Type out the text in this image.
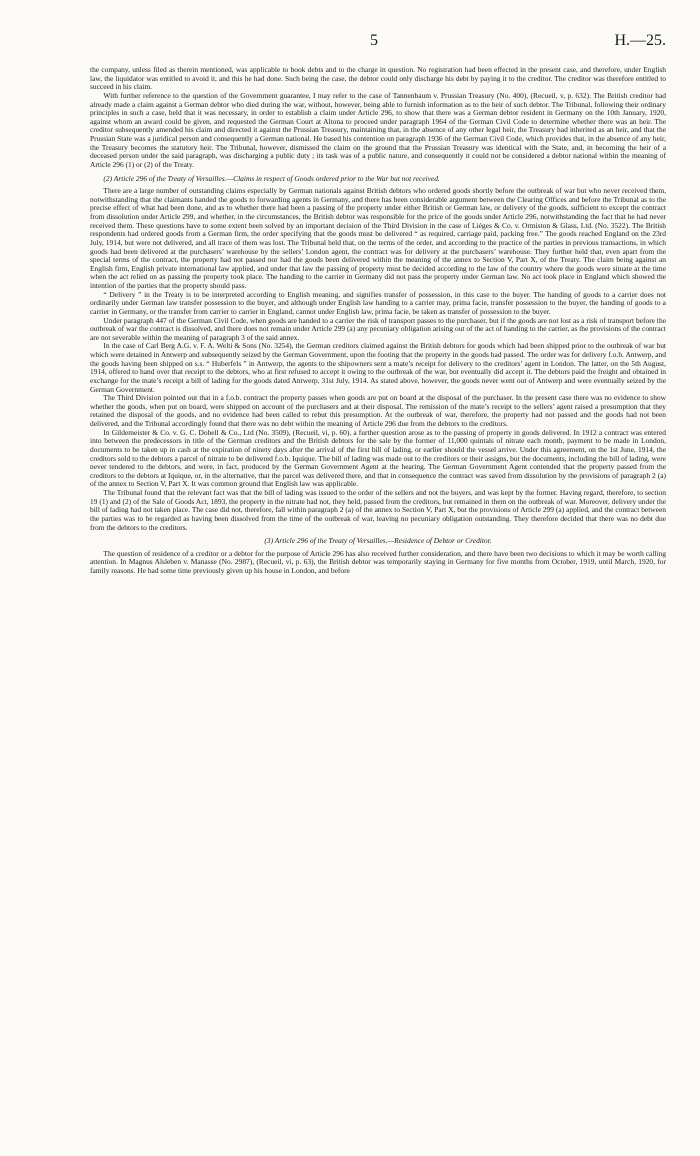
5	H.—25.

the company, unless filed as therein mentioned, was applicable to book debts and to the charge in question. No registration had been effected in the present case, and therefore, under English law, the liquidator was entitled to avoid it, and this he had done. Such being the case, the debtor could only discharge his debt by paying it to the creditor. The creditor was therefore entitled to succeed in his claim.

With further reference to the question of the Government guarantee, I may refer to the case of Tannenbaum v. Prussian Treasury (No. 400), (Recueil, v, p. 632). The British creditor had already made a claim against a German debtor who died during the war, without, however, being able to furnish information as to the heir of such debtor. The Tribunal, following their ordinary principles in such a case, held that it was necessary, in order to establish a claim under Article 296, to show that there was a German debtor resident in Germany on the 10th January, 1920, against whom an award could be given, and requested the German Court at Altona to proceed under paragraph 1964 of the German Civil Code to determine whether there was an heir. The creditor subsequently amended his claim and directed it against the Prussian Treasury, maintaining that, in the absence of any other legal heir, the Treasury had inherited as an heir, and that the Prussian State was a juridical person and consequently a German national. He based his contention on paragraph 1936 of the German Civil Code, which provides that, in the absence of any heir, the Treasury becomes the statutory heir. The Tribunal, however, dismissed the claim on the ground that the Prussian Treasury was identical with the State, and, in becoming the heir of a deceased person under the said paragraph, was discharging a public duty ; its task was of a public nature, and consequently it could not be considered a debtor national within the meaning of Article 296 (1) or (2) of the Treaty.

(2) Article 296 of the Treaty of Versailles.—Claims in respect of Goods ordered prior to the War but not received.

There are a large number of outstanding claims especially by German nationals against British debtors who ordered goods shortly before the outbreak of war but who never received them, notwithstanding that the claimants handed the goods to forwarding agents in Germany, and there has been considerable argument between the Clearing Offices and before the Tribunal as to the precise effect of what had been done, and as to whether there had been a passing of the property under either British or German law, or delivery of the goods, sufficient to except the contract from dissolution under Article 299, and whether, in the circumstances, the British debtor was responsible for the price of the goods under Article 296, notwithstanding the fact that he had never received them. These questions have to some extent been solved by an important decision of the Third Division in the case of Liéges & Co. v. Ormiston & Glass, Ltd. (No. 3522). The British respondents had ordered goods from a German firm, the order specifying that the goods must be delivered “ as required, carriage paid, packing free.” The goods reached England on the 23rd July, 1914, but were not delivered, and all trace of them was lost. The Tribunal held that, on the terms of the order, and according to the practice of the parties in previous transactions, in which goods had been delivered at the purchasers’ warehouse by the sellers’ London agent, the contract was for delivery at the purchasers’ warehouse. They further held that, even apart from the special terms of the contract, the property had not passed nor had the goods been delivered within the meaning of the annex to Section V, Part X, of the Treaty. The claim being against an English firm, English private international law applied, and under that law the passing of property must be decided according to the law of the country where the goods were situate at the time when the act relied on as passing the property took place. The handing to the carrier in Germany did not pass the property under German law. No act took place in England which showed the intention of the parties that the property should pass.

“ Delivery ” in the Treaty is to be interpreted according to English meaning, and signifies transfer of possession, in this case to the buyer. The handing of goods to a carrier does not ordinarily under German law transfer possession to the buyer, and although under English law handing to a carrier may, prima facie, transfer possession to the buyer, the handing of goods to a carrier in Germany, or the transfer from carrier to carrier in England, cannot under English law, prima facie, be taken as transfer of possession to the buyer.

Under paragraph 447 of the German Civil Code, when goods are handed to a carrier the risk of transport passes to the purchaser, but if the goods are not lost as a risk of transport before the outbreak of war the contract is dissolved, and there does not remain under Article 299 (a) any pecuniary obligation arising out of the act of handing to the carrier, as the provisions of the contract are not severable within the meaning of paragraph 3 of the said annex.

In the case of Carl Berg A.G. v. F. A. Welti & Sons (No. 3254), the German creditors claimed against the British debtors for goods which had been shipped prior to the outbreak of war but which were detained in Antwerp and subsequently seized by the German Government, upon the footing that the property in the goods had passed. The order was for delivery f.o.b. Antwerp, and the goods having been shipped on s.s. “ Huberfels ” in Antwerp, the agents to the shipowners sent a mate’s receipt for delivery to the creditors’ agent in London. The latter, on the 5th August, 1914, offered to hand over that receipt to the debtors, who at first refused to accept it owing to the outbreak of the war, but eventually did accept it. The debtors paid the freight and obtained in exchange for the mate’s receipt a bill of lading for the goods dated Antwerp, 31st July, 1914. As stated above, however, the goods never went out of Antwerp and were eventually seized by the German Government.

The Third Division pointed out that in a f.o.b. contract the property passes when goods are put on board at the disposal of the purchaser. In the present case there was no evidence to show whether the goods, when put on board, were shipped on account of the purchasers and at their disposal. The remission of the mate’s receipt to the sellers’ agent raised a presumption that they retained the disposal of the goods, and no evidence had been called to rebut this presumption. At the outbreak of war, therefore, the property had not passed and the goods had not been delivered, and the Tribunal accordingly found that there was no debt within the meaning of Article 296 due from the debtors to the creditors.

In Gildemeister & Co. v. G. C. Dobell & Co., Ltd (No. 3509), (Recueil, vi, p. 60), a further question arose as to the passing of property in goods delivered. In 1912 a contract was entered into between the predecessors in title of the German creditors and the British debtors for the sale by the former of 11,000 quintals of nitrate each month, payment to be made in London, documents to be taken up in cash at the expiration of ninety days after the arrival of the first bill of lading, or earlier should the vessel arrive. Under this agreement, on the 1st June, 1914, the creditors sold to the debtors a parcel of nitrate to be delivered f.o.b. Iquique. The bill of lading was made out to the creditors or their assigns, but the documents, including the bill of lading, were never tendered to the debtors, and were, in fact, produced by the German Government Agent at the hearing. The German Government Agent contended that the property passed from the creditors to the debtors at Iquique, or, in the alternative, that the parcel was delivered there, and that in consequence the contract was saved from dissolution by the provisions of paragraph 2 (a) of the annex to Section V, Part X. It was common ground that English law was applicable.

The Tribunal found that the relevant fact was that the bill of lading was issued to the order of the sellers and not the buyers, and was kept by the former. Having regard, therefore, to section 19 (1) and (2) of the Sale of Goods Act, 1893, the property in the nitrate had not, they held, passed from the creditors, but remained in them on the outbreak of war. Moreover, delivery under the bill of lading had not taken place. The case did not, therefore, fall within paragraph 2 (a) of the annex to Section V, Part X, but the provisions of Article 299 (a) applied, and the contract between the parties was to be regarded as having been dissolved from the time of the outbreak of war, leaving no pecuniary obligation outstanding. They therefore decided that there was no debt due from the debtors to the creditors.

(3) Article 296 of the Treaty of Versailles.—Residence of Debtor or Creditor.

The question of residence of a creditor or a debtor for the purpose of Article 296 has also received further consideration, and there have been two decisions to which it may be worth calling attention. In Magnus Alsleben v. Manasse (No. 2987), (Recueil, vi, p. 63), the British debtor was temporarily staying in Germany for five months from October, 1919, until March, 1920, for family reasons. He had some time previously given up his house in London, and before
